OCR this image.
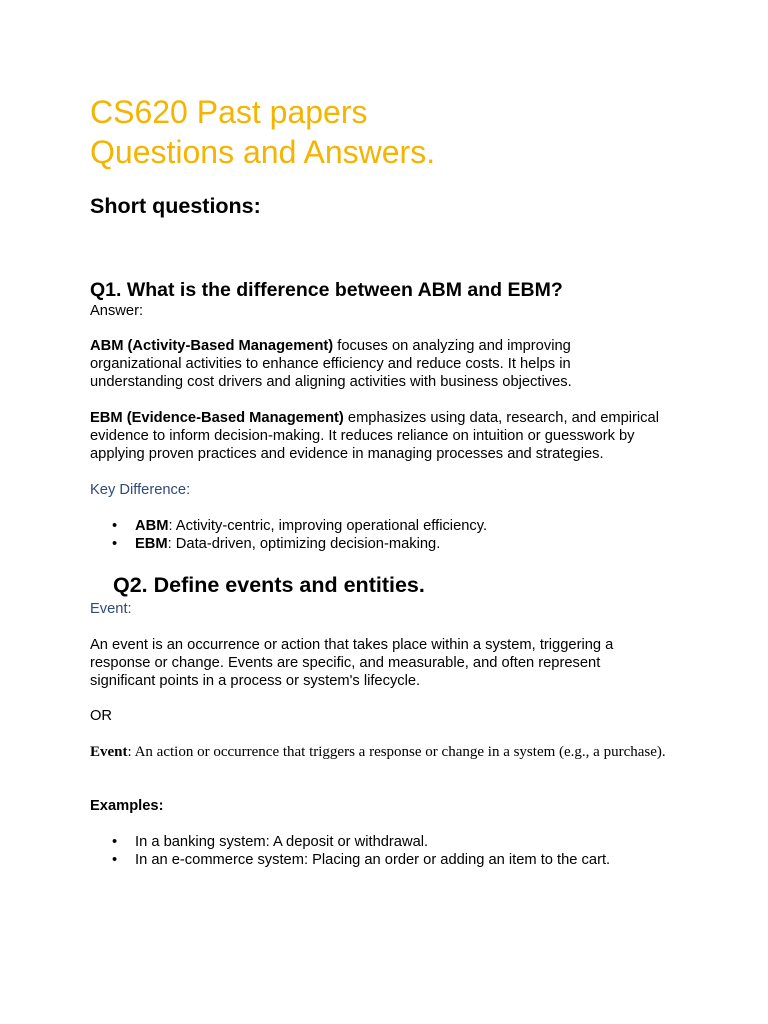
CS620 Past papers
Questions and Answers.
Short questions:
Q1. What is the difference between ABM and EBM?
Answer:

ABM (Activity-Based Management) focuses on analyzing and improving

organizational activities to enhance efficiency and reduce costs. It helps in

understanding cost drivers and aligning activities with business objectives.

EBM (Evidence-Based Management) emphasizes using data, research, and empirical

evidence to inform decision-making. It reduces reliance on intuition or guesswork by

applying proven practices and evidence in managing processes and strategies.

Key Difference:
• ABM: Activity-centric, improving operational efficiency.
• EBM: Data-driven, optimizing decision-making.
Q2. Define events and entities.
Event:

An event is an occurrence or action that takes place within a system, triggering a

response or change. Events are specific, and measurable, and often represent

significant points in a process or system's lifecycle.

OR
Event: An action or occurrence that triggers a response or change in a system (e.g., a purchase).
Examples:
• In a banking system: A deposit or withdrawal.
• In an e-commerce system: Placing an order or adding an item to the cart.
